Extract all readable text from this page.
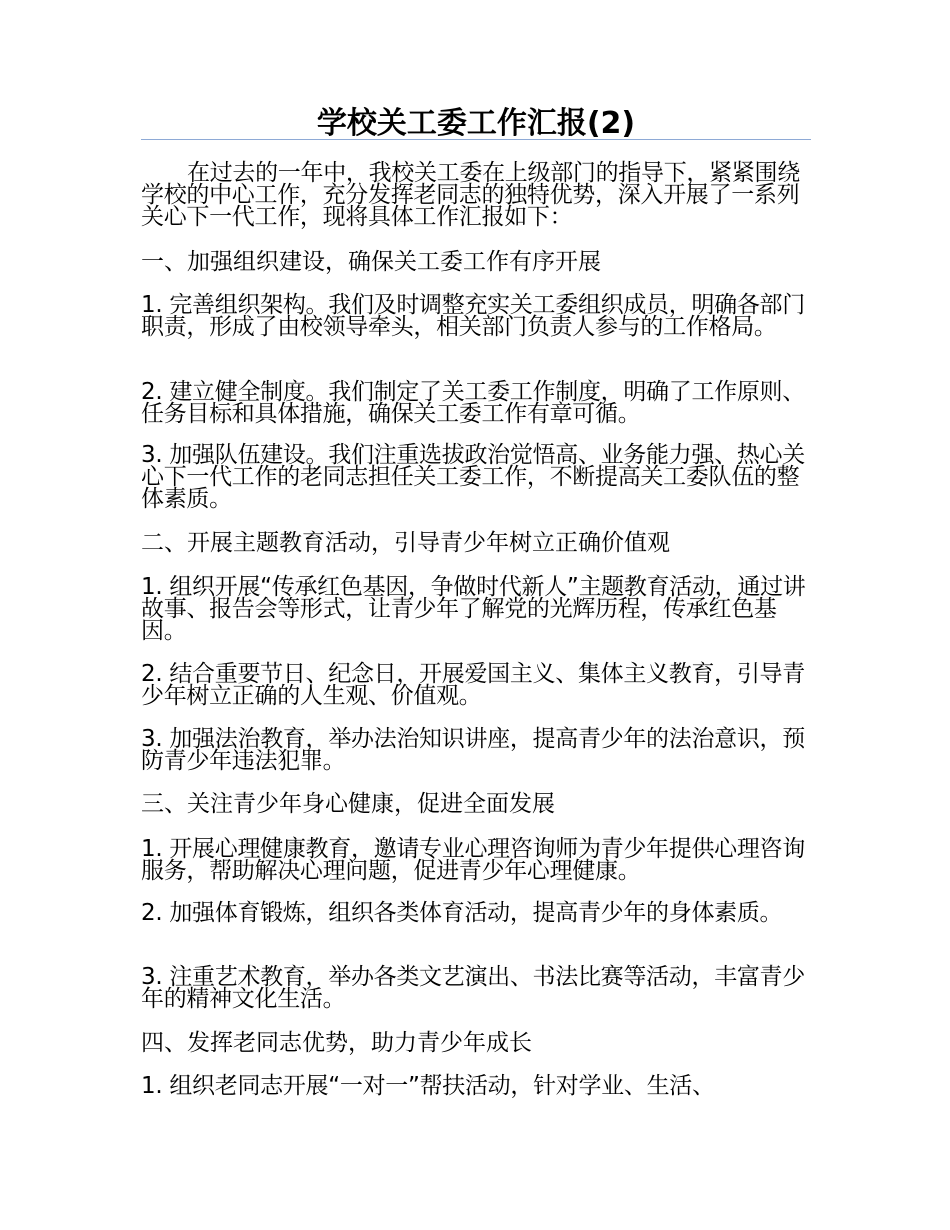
学校关工委工作汇报(2)

在过去的一年中，我校关工委在上级部门的指导下，紧紧围绕学校的中心工作，充分发挥老同志的独特优势，深入开展了一系列关心下一代工作，现将具体工作汇报如下：

一、加强组织建设，确保关工委工作有序开展

1. 完善组织架构。我们及时调整充实关工委组织成员，明确各部门职责，形成了由校领导牵头，相关部门负责人参与的工作格局。

2. 建立健全制度。我们制定了关工委工作制度，明确了工作原则、任务目标和具体措施，确保关工委工作有章可循。

3. 加强队伍建设。我们注重选拔政治觉悟高、业务能力强、热心关心下一代工作的老同志担任关工委工作，不断提高关工委队伍的整体素质。

二、开展主题教育活动，引导青少年树立正确价值观

1. 组织开展“传承红色基因，争做时代新人”主题教育活动，通过讲故事、报告会等形式，让青少年了解党的光辉历程，传承红色基因。

2. 结合重要节日、纪念日，开展爱国主义、集体主义教育，引导青少年树立正确的人生观、价值观。

3. 加强法治教育，举办法治知识讲座，提高青少年的法治意识，预防青少年违法犯罪。

三、关注青少年身心健康，促进全面发展

1. 开展心理健康教育，邀请专业心理咨询师为青少年提供心理咨询服务，帮助解决心理问题，促进青少年心理健康。

2. 加强体育锻炼，组织各类体育活动，提高青少年的身体素质。

3. 注重艺术教育，举办各类文艺演出、书法比赛等活动，丰富青少年的精神文化生活。

四、发挥老同志优势，助力青少年成长

1. 组织老同志开展“一对一”帮扶活动，针对学业、生活、
